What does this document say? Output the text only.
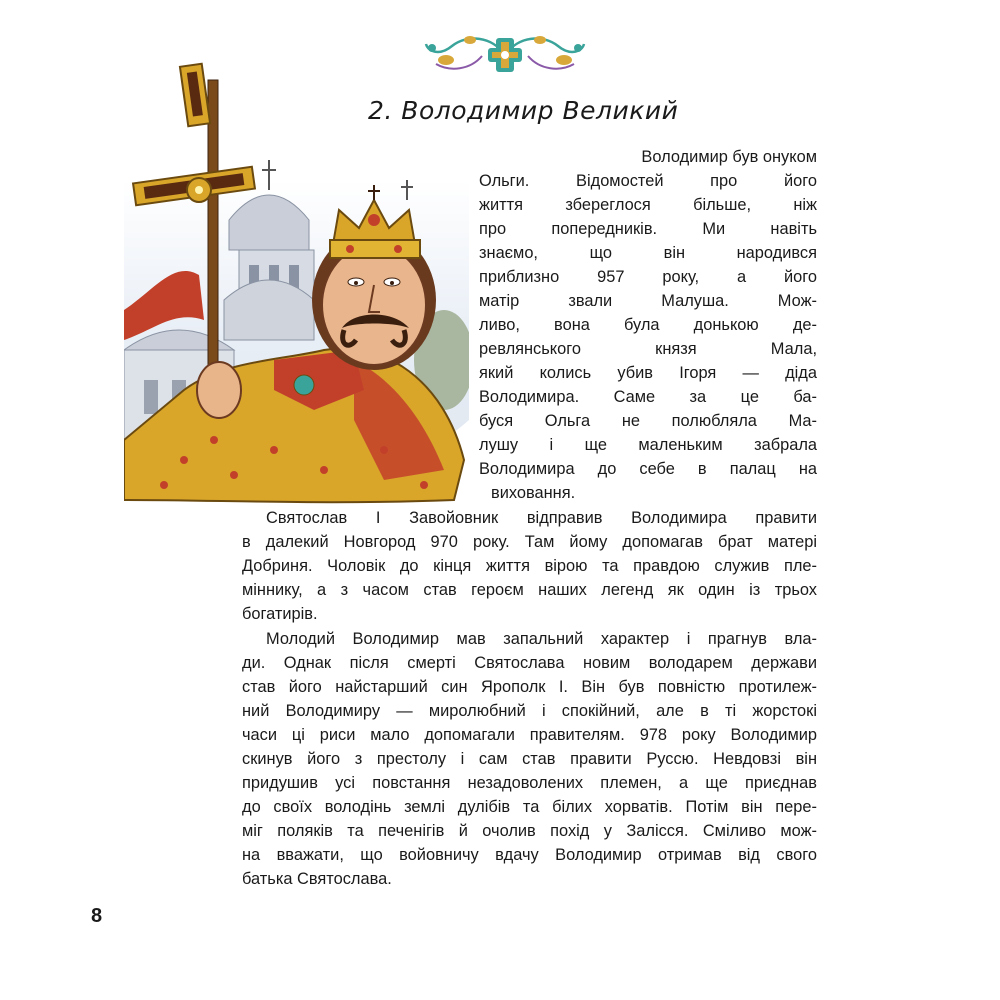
2. Володимир Великий
Володимир був онуком
Ольги. Відомостей про його
життя збереглося більше, ніж
про попередників. Ми навіть
знаємо, що він народився
приблизно 957 року, а його
матір звали Малуша. Мож-
ливо, вона була донькою де-
ревлянського князя Мала,
який колись убив Ігоря — діда
Володимира. Саме за це ба-
буся Ольга не полюбляла Ма-
лушу і ще маленьким забрала
Володимира до себе в палац на
виховання.
Святослав І Завойовник відправив Володимира правити
в далекий Новгород 970 року. Там йому допомагав брат матері
Добриня. Чоловік до кінця життя вірою та правдою служив пле-
міннику, а з часом став героєм наших легенд як один із трьох
богатирів.
Молодий Володимир мав запальний характер і прагнув вла-
ди. Однак після смерті Святослава новим володарем держави
став його найстарший син Ярополк І. Він був повністю протилеж-
ний Володимиру — миролюбний і спокійний, але в ті жорстокі
часи ці риси мало допомагали правителям. 978 року Володимир
скинув його з престолу і сам став правити Руссю. Невдовзі він
придушив усі повстання незадоволених племен, а ще приєднав
до своїх володінь землі дулібів та білих хорватів. Потім він пере-
міг поляків та печенігів й очолив похід у Залісся. Сміливо мож-
на вважати, що войовничу вдачу Володимир отримав від свого
батька Святослава.
8
